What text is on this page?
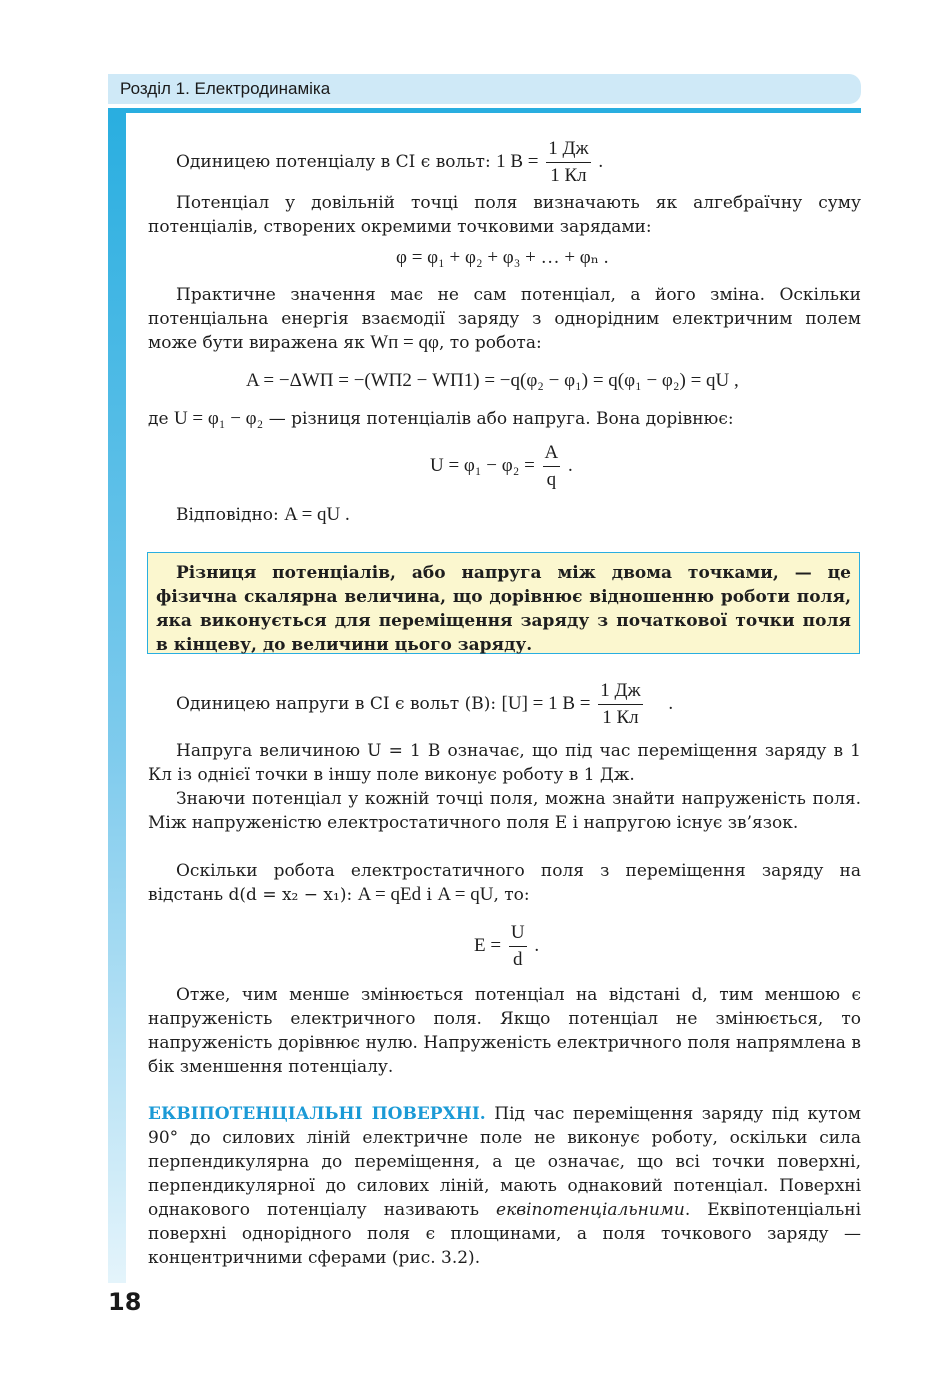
Розділ 1. Електродинаміка
Одиницею потенціалу в СІ є вольт: 1 $В = \frac{1 Дж}{1 Кл}$ .

Потенціал у довільній точці поля визначають як алгебраїчну суму потенціалів, створених окремими точковими зарядами:

φ = φ₁ + φ₂ + φ₃ + … + φₙ .

Практичне значення має не сам потенціал, а його зміна. Оскільки потенціальна енергія взаємодії заряду з однорідним електричним полем може бути виражена як Wп = qφ, то робота:

A = −ΔWП = −(WП2 − WП1) = −q(φ₂ − φ₁) = q(φ₁ − φ₂) = qU ,
де U = φ₁ − φ₂ — різниця потенціалів або напруга. Вона дорівнює:
$U = \varphi_1 - \varphi_2 = \frac{A}{q}$ .
Відповідно: A = qU .

Різниця потенціалів, або напруга між двома точками, — це фізична скалярна величина, що дорівнює відношенню роботи поля, яка виконується для переміщення заряду з початкової точки поля в кінцеву, до величини цього заряду.

Одиницею напруги в СІ є вольт (В): [U] = 1 $В = \frac{1 Дж}{1 Кл}$ .

Напруга величиною U = 1 В означає, що під час переміщення заряду в 1 Кл із однієї точки в іншу поле виконує роботу в 1 Дж.

Знаючи потенціал у кожній точці поля, можна знайти напруженість поля. Між напруженістю електростатичного поля E і напругою існує зв’язок.

Оскільки робота електростатичного поля з переміщення заряду на відстань d(d = x₂ − x₁): A = qEd і A = qU, то:

$E = \frac{U}{d}$ .

Отже, чим менше змінюється потенціал на відстані d, тим меншою є напруженість електричного поля. Якщо потенціал не змінюється, то напруженість дорівнює нулю. Напруженість електричного поля напрямлена в бік зменшення потенціалу.

ЕКВІПОТЕНЦІАЛЬНІ ПОВЕРХНІ. Під час переміщення заряду під кутом 90° до силових ліній електричне поле не виконує роботу, оскільки сила перпендикулярна до переміщення, а це означає, що всі точки поверхні, перпендикулярної до силових ліній, мають однаковий потенціал. Поверхні однакового потенціалу називають еквіпотенціальними. Еквіпотенціальні поверхні однорідного поля є площинами, а поля точкового заряду — концентричними сферами (рис. 3.2).

18
